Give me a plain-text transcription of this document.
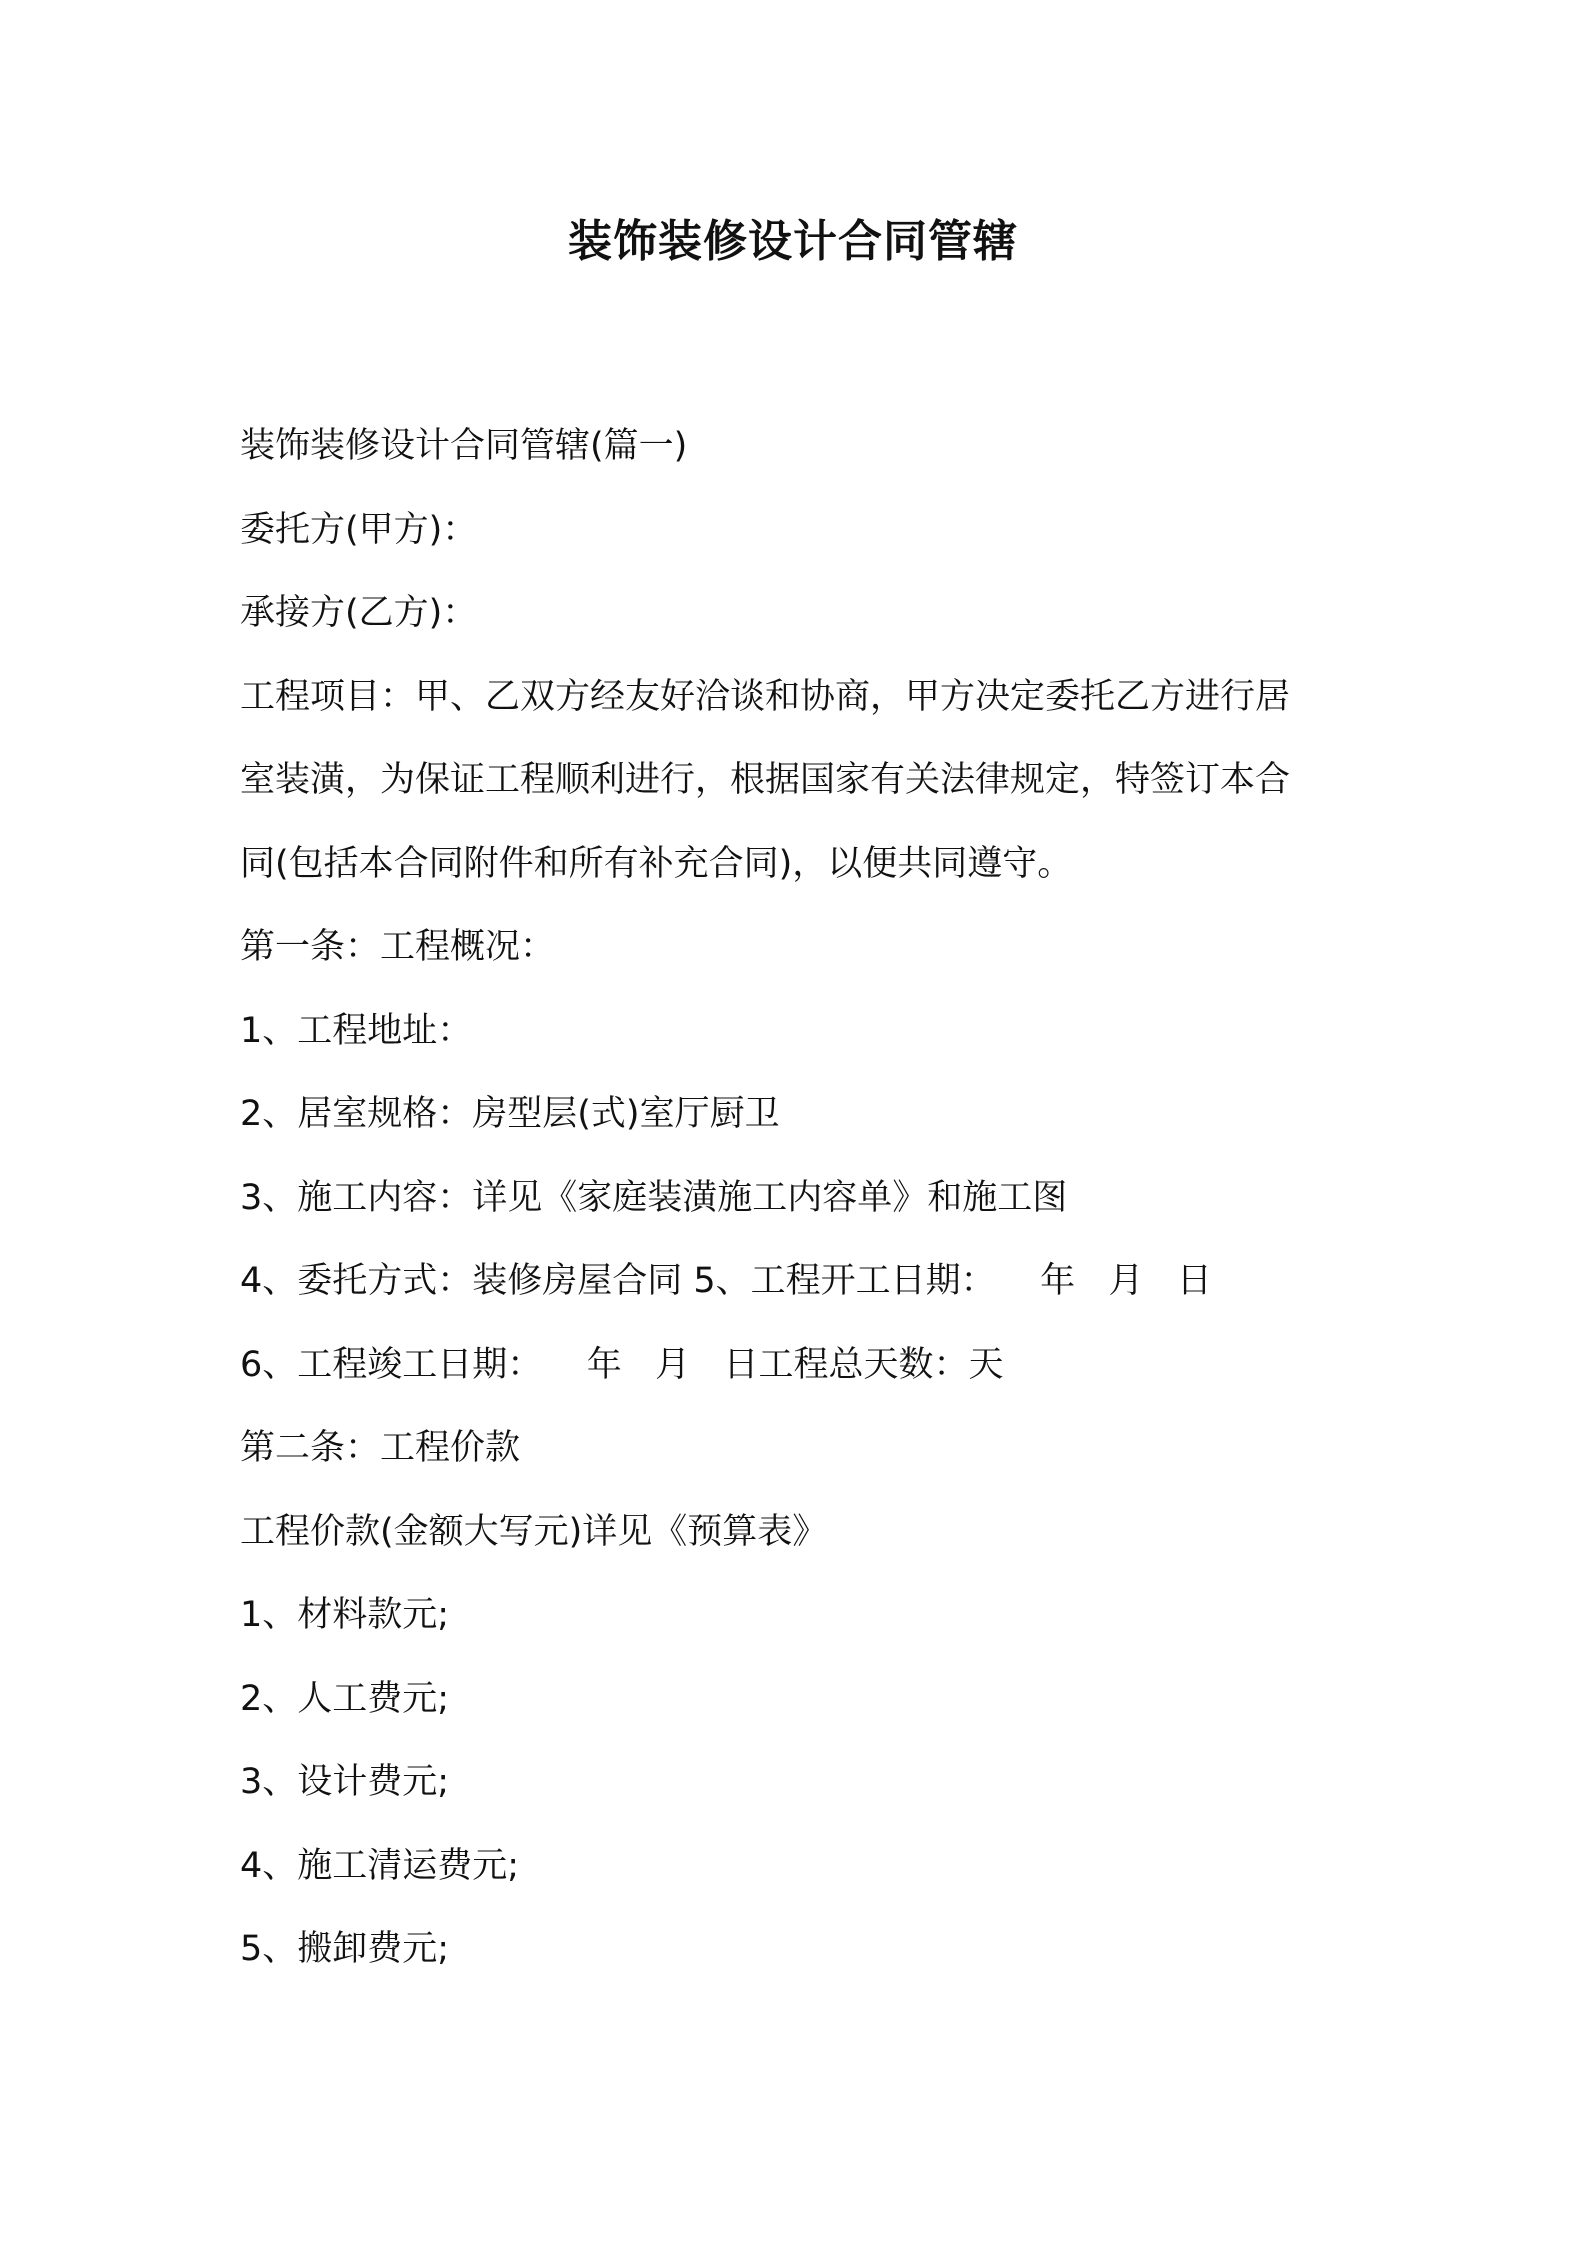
装饰装修设计合同管辖
装饰装修设计合同管辖(篇一)
委托方(甲方)：
承接方(乙方)：
工程项目：甲、乙双方经友好洽谈和协商，甲方决定委托乙方进行居
室装潢，为保证工程顺利进行，根据国家有关法律规定，特签订本合
同(包括本合同附件和所有补充合同)，以便共同遵守。
第一条：工程概况：
1、工程地址：
2、居室规格：房型层(式)室厅厨卫
3、施工内容：详见《家庭装潢施工内容单》和施工图
4、委托方式：装修房屋合同 5、工程开工日期：    年   月   日
6、工程竣工日期：    年   月   日工程总天数：天
第二条：工程价款
工程价款(金额大写元)详见《预算表》
1、材料款元;
2、人工费元;
3、设计费元;
4、施工清运费元;
5、搬卸费元;
